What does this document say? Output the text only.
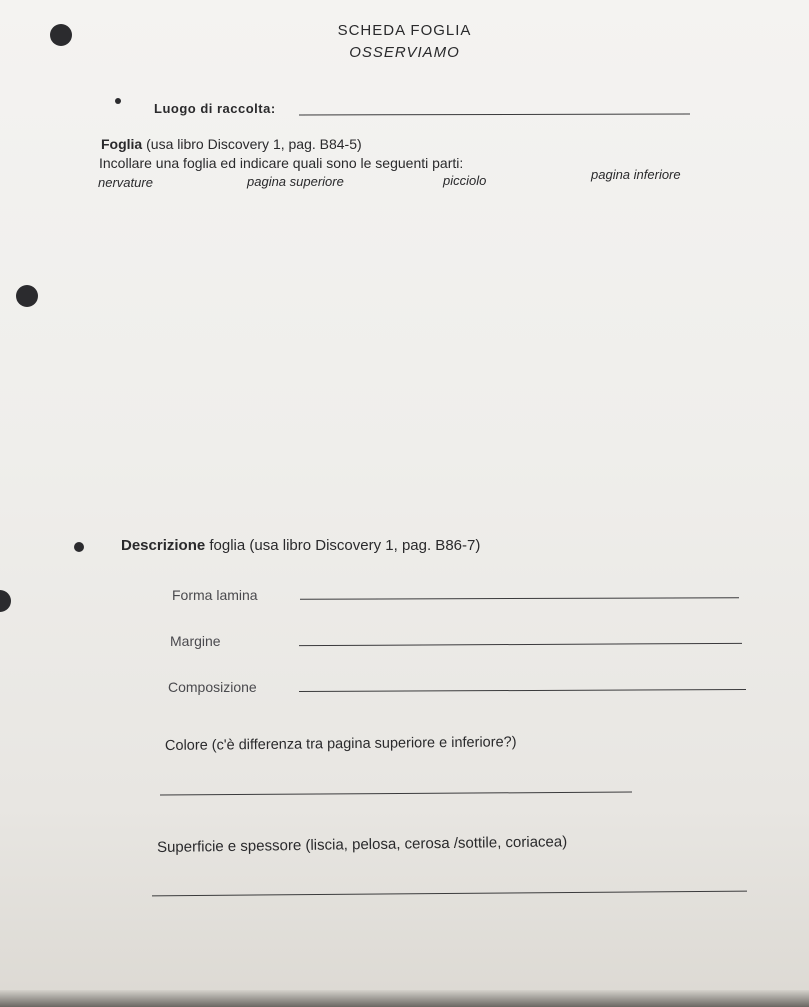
SCHEDA FOGLIA
OSSERVIAMO
Luogo di raccolta:
Foglia (usa libro Discovery 1, pag. B84-5)
Incollare una foglia ed indicare quali sono le seguenti parti:
nervature	pagina superiore	picciolo	pagina inferiore
Descrizione foglia (usa libro Discovery 1, pag. B86-7)
Forma lamina
Margine
Composizione
Colore (c'è differenza tra pagina superiore e inferiore?)
Superficie e spessore (liscia, pelosa, cerosa /sottile, coriacea)
